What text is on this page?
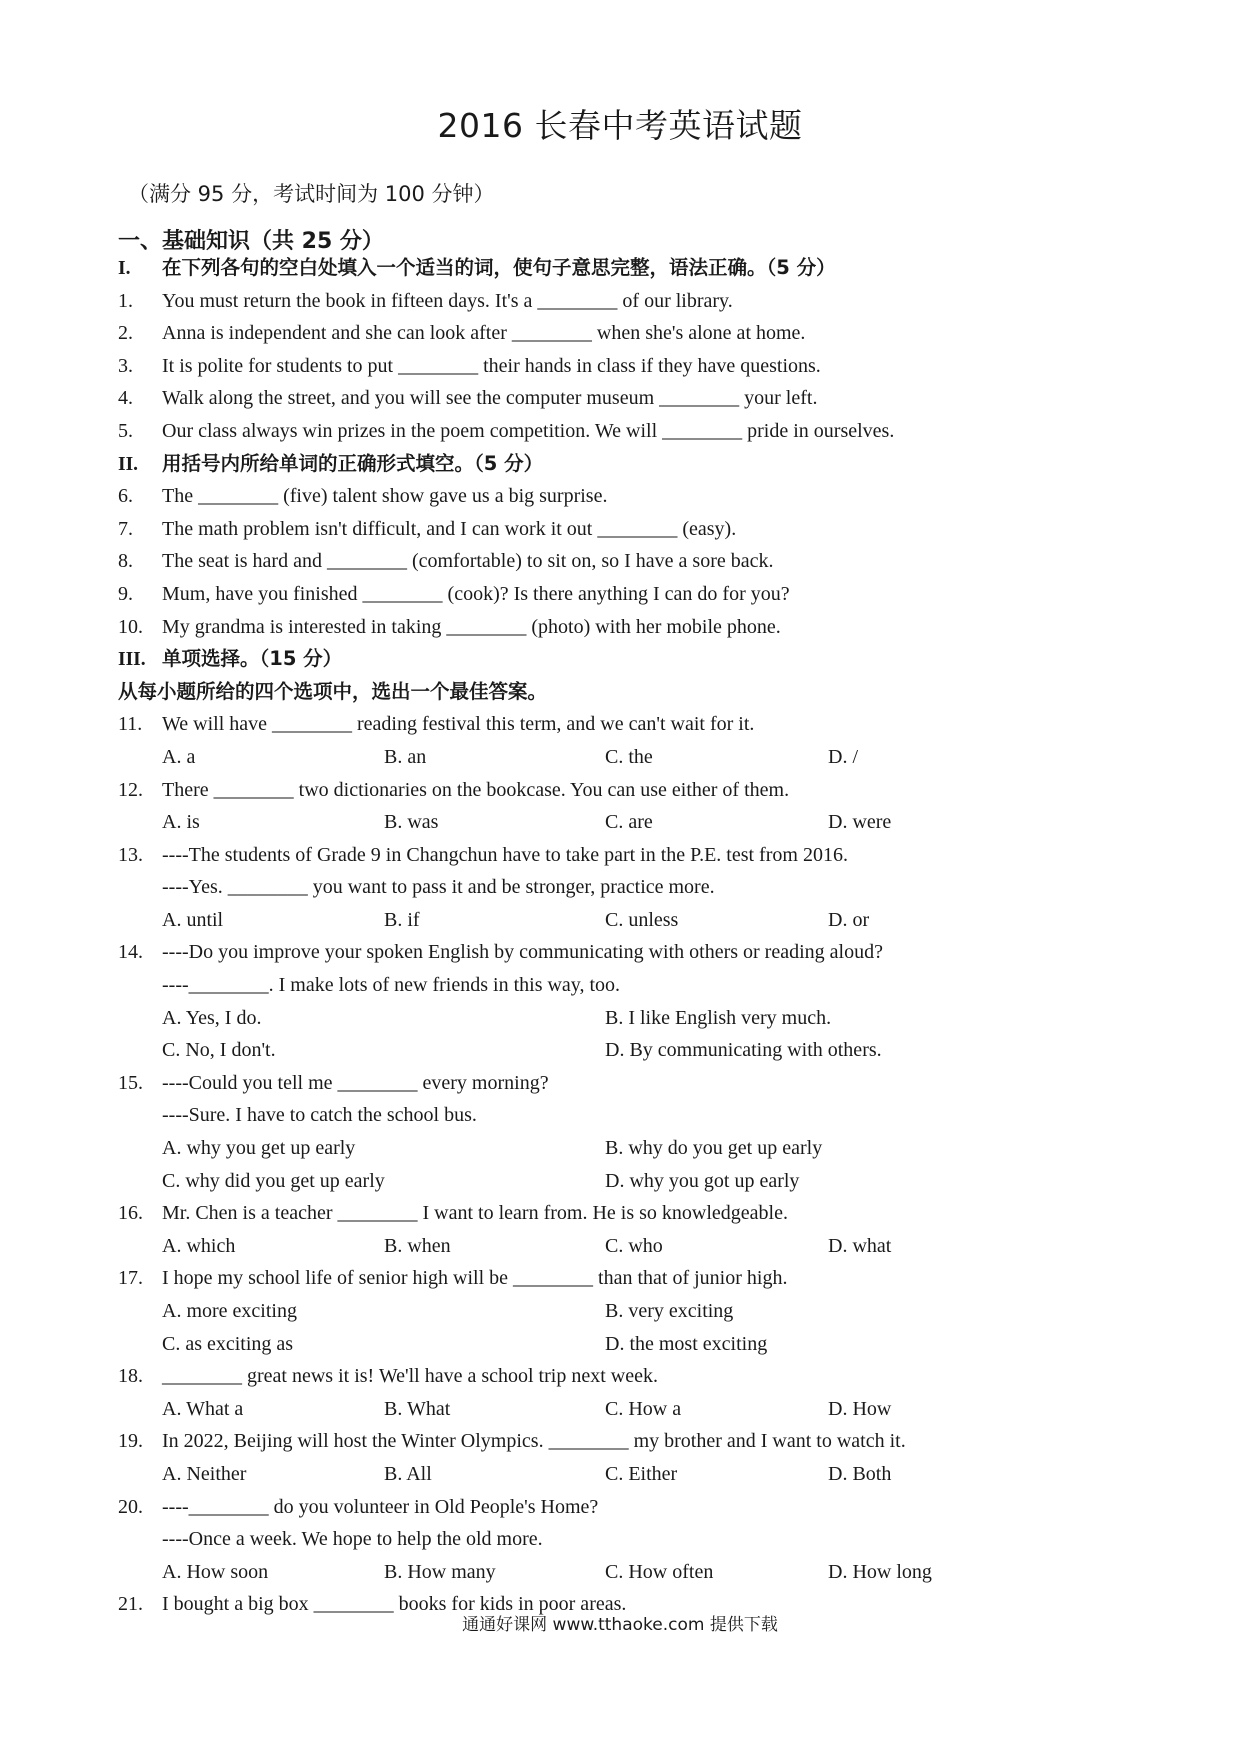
2016 长春中考英语试题
（满分 95 分，考试时间为 100 分钟）
一、基础知识（共 25 分）
I. 在下列各句的空白处填入一个适当的词，使句子意思完整，语法正确。（5 分）
1. You must return the book in fifteen days. It's a ________ of our library.
2. Anna is independent and she can look after ________ when she's alone at home.
3. It is polite for students to put ________ their hands in class if they have questions.
4. Walk along the street, and you will see the computer museum ________ your left.
5. Our class always win prizes in the poem competition. We will ________ pride in ourselves.
II. 用括号内所给单词的正确形式填空。（5 分）
6. The ________ (five) talent show gave us a big surprise.
7. The math problem isn't difficult, and I can work it out ________ (easy).
8. The seat is hard and ________ (comfortable) to sit on, so I have a sore back.
9. Mum, have you finished ________ (cook)? Is there anything I can do for you?
10. My grandma is interested in taking ________ (photo) with her mobile phone.
III. 单项选择。（15 分）
从每小题所给的四个选项中，选出一个最佳答案。
11. We will have ________ reading festival this term, and we can't wait for it.
A. a	B. an	C. the	D. /
12. There ________ two dictionaries on the bookcase. You can use either of them.
A. is	B. was	C. are	D. were
13. ----The students of Grade 9 in Changchun have to take part in the P.E. test from 2016.
----Yes. ________ you want to pass it and be stronger, practice more.
A. until	B. if	C. unless	D. or
14. ----Do you improve your spoken English by communicating with others or reading aloud?
----________. I make lots of new friends in this way, too.
A. Yes, I do.	B. I like English very much.
C. No, I don't.	D. By communicating with others.
15. ----Could you tell me ________ every morning?
----Sure. I have to catch the school bus.
A. why you get up early	B. why do you get up early
C. why did you get up early	D. why you got up early
16. Mr. Chen is a teacher ________ I want to learn from. He is so knowledgeable.
A. which	B. when	C. who	D. what
17. I hope my school life of senior high will be ________ than that of junior high.
A. more exciting	B. very exciting
C. as exciting as	D. the most exciting
18. ________ great news it is! We'll have a school trip next week.
A. What a	B. What	C. How a	D. How
19. In 2022, Beijing will host the Winter Olympics. ________ my brother and I want to watch it.
A. Neither	B. All	C. Either	D. Both
20. ----________ do you volunteer in Old People's Home?
----Once a week. We hope to help the old more.
A. How soon	B. How many	C. How often	D. How long
21. I bought a big box ________ books for kids in poor areas.
通通好课网 www.tthaoke.com 提供下载
